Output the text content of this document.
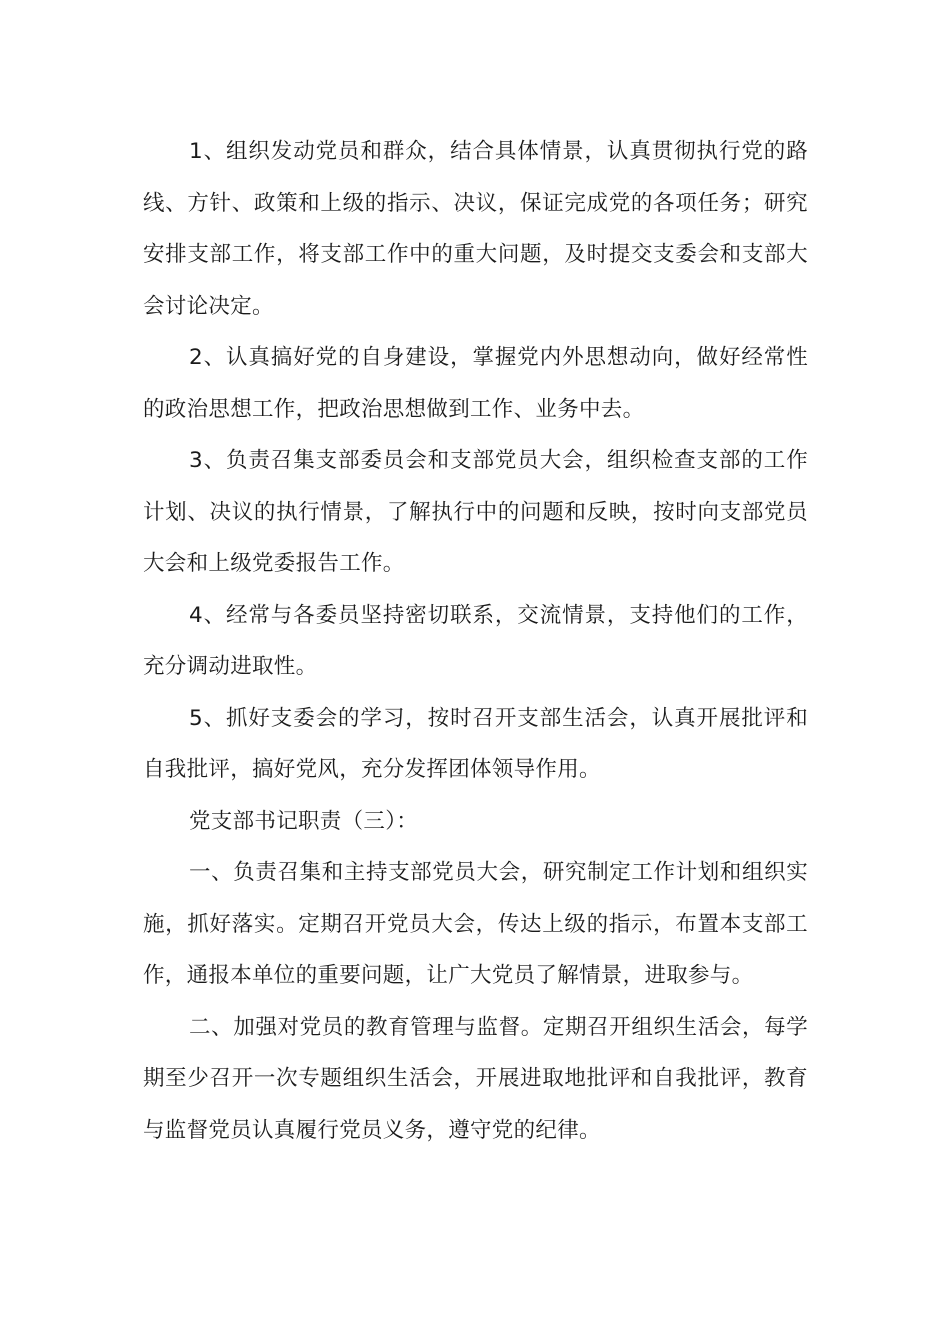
1、组织发动党员和群众，结合具体情景，认真贯彻执行党的路线、方针、政策和上级的指示、决议，保证完成党的各项任务；研究安排支部工作，将支部工作中的重大问题，及时提交支委会和支部大会讨论决定。

2、认真搞好党的自身建设，掌握党内外思想动向，做好经常性的政治思想工作，把政治思想做到工作、业务中去。

3、负责召集支部委员会和支部党员大会，组织检查支部的工作计划、决议的执行情景，了解执行中的问题和反映，按时向支部党员大会和上级党委报告工作。

4、经常与各委员坚持密切联系，交流情景，支持他们的工作，充分调动进取性。

5、抓好支委会的学习，按时召开支部生活会，认真开展批评和自我批评，搞好党风，充分发挥团体领导作用。

党支部书记职责（三）：

一、负责召集和主持支部党员大会，研究制定工作计划和组织实施，抓好落实。定期召开党员大会，传达上级的指示，布置本支部工作，通报本单位的重要问题，让广大党员了解情景，进取参与。

二、加强对党员的教育管理与监督。定期召开组织生活会，每学期至少召开一次专题组织生活会，开展进取地批评和自我批评，教育与监督党员认真履行党员义务，遵守党的纪律。
